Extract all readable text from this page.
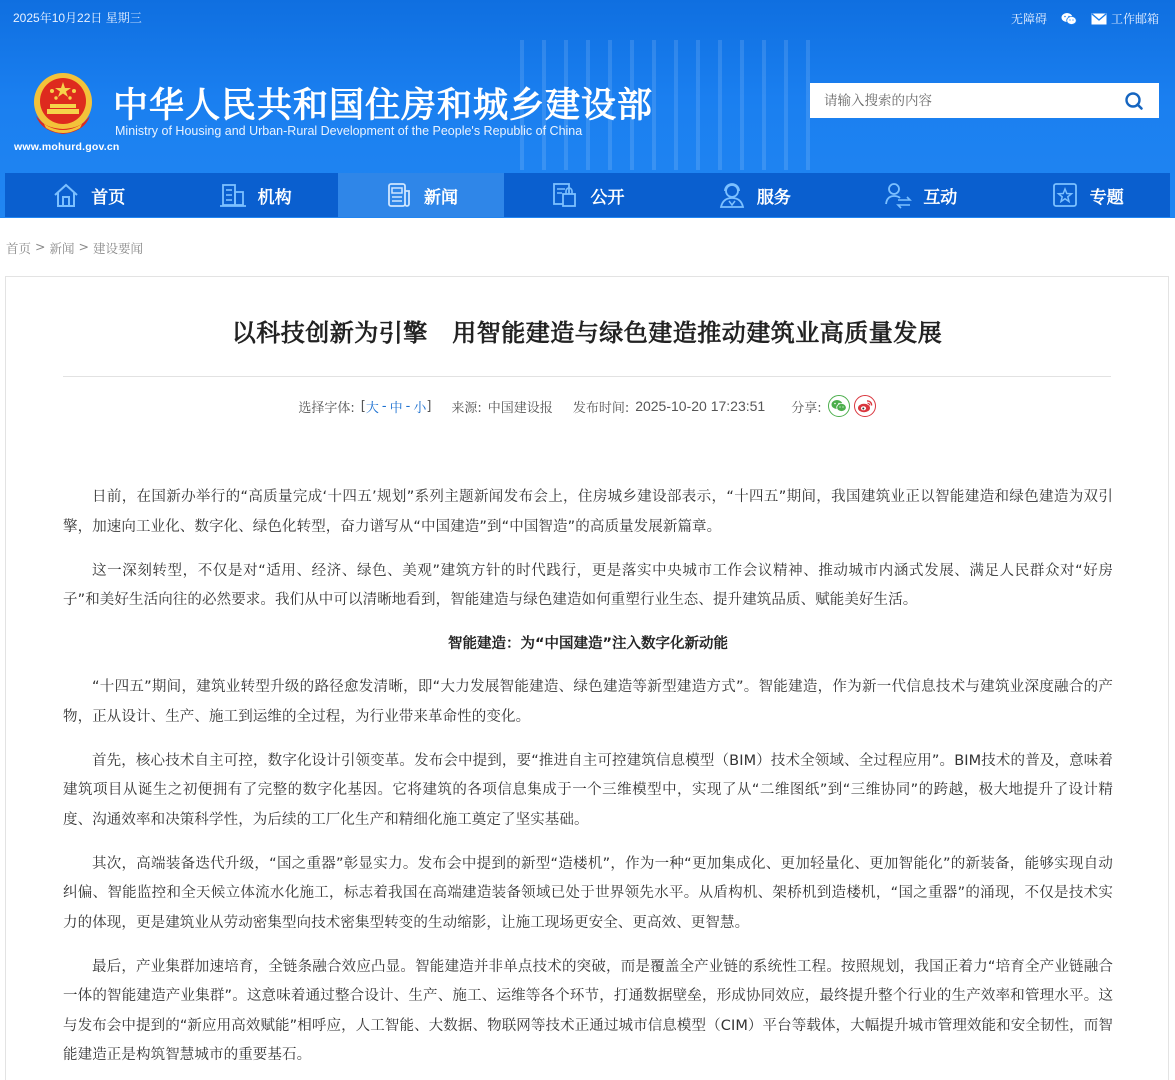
2025年10月22日 星期三	无障碍	工作邮箱
www.mohurd.gov.cn
中华人民共和国住房和城乡建设部
Ministry of Housing and Urban-Rural Development of the People's Republic of China
请输入搜索的内容
首页	机构	新闻	公开	服务	互动	专题
首页 > 新闻 > 建设要闻
以科技创新为引擎　用智能建造与绿色建造推动建筑业高质量发展
选择字体: [ 大 - 中 - 小 ] 来源: 中国建设报 发布时间: 2025-10-20 17:23:51 分享:

日前，在国新办举行的“高质量完成‘十四五’规划”系列主题新闻发布会上，住房城乡建设部表示，“十四五”期间，我国建筑业正以智能建造和绿色建造为双引擎，加速向工业化、数字化、绿色化转型，奋力谱写从“中国建造”到“中国智造”的高质量发展新篇章。

这一深刻转型，不仅是对“适用、经济、绿色、美观”建筑方针的时代践行，更是落实中央城市工作会议精神、推动城市内涵式发展、满足人民群众对“好房子”和美好生活向往的必然要求。我们从中可以清晰地看到，智能建造与绿色建造如何重塑行业生态、提升建筑品质、赋能美好生活。

智能建造：为“中国建造”注入数字化新动能

“十四五”期间，建筑业转型升级的路径愈发清晰，即“大力发展智能建造、绿色建造等新型建造方式”。智能建造，作为新一代信息技术与建筑业深度融合的产物，正从设计、生产、施工到运维的全过程，为行业带来革命性的变化。

首先，核心技术自主可控，数字化设计引领变革。发布会中提到，要“推进自主可控建筑信息模型（BIM）技术全领域、全过程应用”。BIM技术的普及，意味着建筑项目从诞生之初便拥有了完整的数字化基因。它将建筑的各项信息集成于一个三维模型中，实现了从“二维图纸”到“三维协同”的跨越，极大地提升了设计精度、沟通效率和决策科学性，为后续的工厂化生产和精细化施工奠定了坚实基础。

其次，高端装备迭代升级，“国之重器”彰显实力。发布会中提到的新型“造楼机”，作为一种“更加集成化、更加轻量化、更加智能化”的新装备，能够实现自动纠偏、智能监控和全天候立体流水化施工，标志着我国在高端建造装备领域已处于世界领先水平。从盾构机、架桥机到造楼机，“国之重器”的涌现，不仅是技术实力的体现，更是建筑业从劳动密集型向技术密集型转变的生动缩影，让施工现场更安全、更高效、更智慧。

最后，产业集群加速培育，全链条融合效应凸显。智能建造并非单点技术的突破，而是覆盖全产业链的系统性工程。按照规划，我国正着力“培育全产业链融合一体的智能建造产业集群”。这意味着通过整合设计、生产、施工、运维等各个环节，打通数据壁垒，形成协同效应，最终提升整个行业的生产效率和管理水平。这与发布会中提到的“新应用高效赋能”相呼应，人工智能、大数据、物联网等技术正通过城市信息模型（CIM）平台等载体，大幅提升城市管理效能和安全韧性，而智能建造正是构筑智慧城市的重要基石。
